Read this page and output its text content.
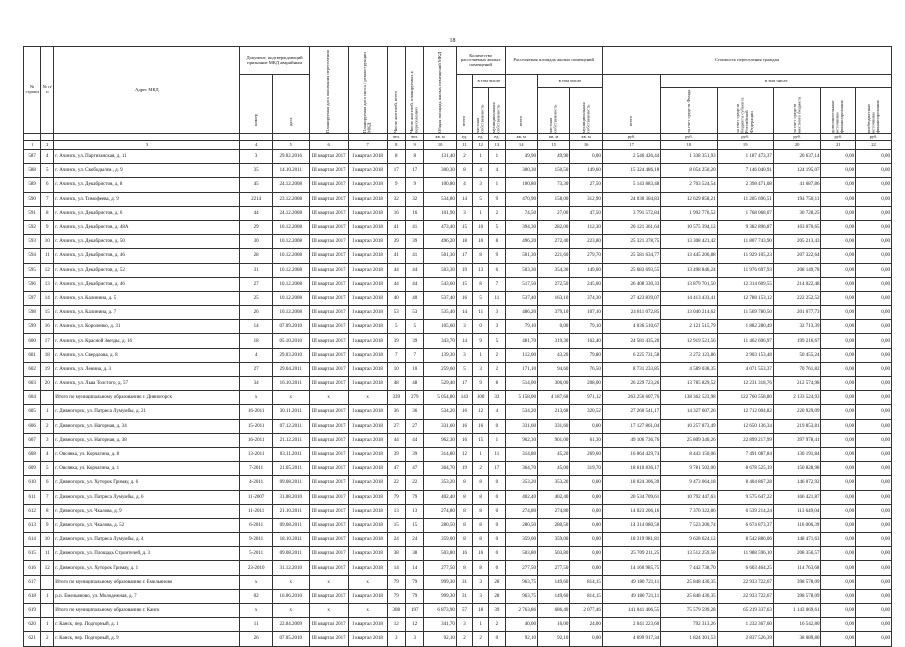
18
№ строки	№ п/п	Адрес МКД	Документ, подтверждающий признание МКД аварийным		Планируемая дата окончания переселения	Планируемая дата сноса / реконструкции МКД	Число жителей, всего	Число жителей, планируемых к переселению	Общая площадь жилых помещений МКД	Количество расселяемых жилых помещений			Расселяемая площадь жилых помещений			Стоимость переселения граждан					

			номер	дата						всего	в том числе		всего	в том числе		всего	в том числе				

											частная собственность	муниципальная собственность		частная собственность	муниципальная собственность		за счет средств Фонда	за счет средств бюджета субъекта Российской Федерации	за счет средств местного бюджета	дополнительные источники финансирования	внебюджетные источники финансирования

							чел.	чел.	кв. м	ед.	ед.	ед.	кв. м	кв. м	кв. м	руб.	руб.	руб.	руб.	руб.	руб.
1	2	3	4	5	6	7	8	9	10	11	12	13	14	15	16	17	18	19	20	21	22
587	4	г. Ачинск, ул. Партизанская, д. 11	3	29.02.2016	III квартал 2017	I квартал 2018	8	8	131,40	2	1	1	49,90	49,90	0,00	2 546 426,44	1 338 351,93	1 187 473,37	20 637,14	0,00	0,00
588	5	г. Ачинск, ул. Свободы/им., д. 9	35	14.10.2011	III квартал 2017	I квартал 2018	17	17	300,30	8	4	4	300,30	150,50	149,60	15 324 486,18	8 054 250,20	7 146 040,91	124 195,07	0,00	0,00
589	6	г. Ачинск, ул. Декабристов, д. 8	45	24.12.2008	III квартал 2017	I квартал 2018	9	9	100,80	4	3	1	100,80	73,30	27,50	5 143 883,48	2 703 524,54	2 398 471,08	41 687,86	0,00	0,00
590	7	г. Ачинск, ул. Тимофеева, д. 9	2214	23.12.2008	III квартал 2017	I квартал 2018	32	32	534,80	14	5	9	470,90	158,00	312,90	24 030 304,83	12 629 858,21	11 205 696,51	194 750,11	0,00	0,00
591	8	г. Ачинск, ул. Декабристов, д. 6	44	24.12.2008	III квартал 2017	I квартал 2018	16	16	101,90	3	1	2	74,50	27,00	47,50	3 791 572,84	1 992 776,52	1 768 068,07	30 728,25	0,00	0,00
592	9	г. Ачинск, ул. Декабристов, д. 48А	29	10.12.2008	III квартал 2017	I квартал 2018	41	41	473,40	15	10	5	394,30	282,00	112,30	20 121 361,64	10 575 394,12	9 382 896,87	163 070,65	0,00	0,00
593	10	г. Ачинск, ул. Декабристов, д. 50	30	10.12.2008	III квартал 2017	I квартал 2018	39	39	496,20	18	10	8	496,20	272,40	223,80	25 321 378,75	13 308 421,42	11 807 743,90	205 213,43	0,00	0,00
594	11	г. Ачинск, ул. Декабристов, д. 46	28	10.12.2008	III квартал 2017	I квартал 2018	41	41	501,30	17	8	9	501,30	221,60	279,70	25 581 634,77	13 445 206,88	11 929 105,23	207 322,64	0,00	0,00
595	12	г. Ачинск, ул. Декабристов, д. 52	31	10.12.2008	III квартал 2017	I квартал 2018	44	44	503,30	19	13	6	503,30	354,30	149,00	25 683 693,55	13 498 846,24	11 976 697,93	208 149,78	0,00	0,00
596	13	г. Ачинск, ул. Декабристов, д. 46	27	10.12.2008	III квартал 2017	I квартал 2018	44	44	543,60	15	8	7	517,50	272,50	245,00	26 408 330,33	13 879 701,50	12 314 609,55	214 022,48	0,00	0,00
597	14	г. Ачинск, ул. Калинина, д. 5	25	10.12.2008	III квартал 2017	I квартал 2018	40	40	537,40	16	5	11	537,40	163,10	374,30	27 423 839,07	14 413 433,41	12 788 153,12	222 252,52	0,00	0,00
598	15	г. Ачинск, ул. Калинина, д. 7	26	10.12.2008	III квартал 2017	I квартал 2018	53	53	535,40	14	11	3	486,20	379,10	107,10	24 811 072,85	13 040 214,62	11 569 780,50	201 077,73	0,00	0,00
599	16	г. Ачинск, ул. Короленко, д. 31	14	07.09.2010	III квартал 2017	I квартал 2018	5	5	105,60	3	0	3	79,10	0,00	79,10	4 036 510,67	2 121 515,79	1 882 280,49	32 713,39	0,00	0,00
600	17	г. Ачинск, ул. Красной Звезды, д. 16	18	05.10.2010	III квартал 2017	I квартал 2018	39	39	343,70	14	9	5	481,70	319,30	162,40	24 581 435,20	12 919 521,56	11 462 696,97	199 216,67	0,00	0,00
601	18	г. Ачинск, ул. Свердлова, д. 8	4	29.03.2010	III квартал 2017	I квартал 2018	7	7	139,30	3	1	2	112,00	43,20	79,80	6 225 731,58	3 272 123,86	2 903 153,48	50 455,24	0,00	0,00
602	19	г. Ачинск, ул. Ленина, д. 3	27	29.04.2011	III квартал 2017	I квартал 2018	10	10	259,60	5	3	2	171,10	94,60	76,50	8 731 233,85	4 589 038,35	4 071 553,37	70 761,82	0,00	0,00
603	20	г. Ачинск, ул. Льва Толстого, д. 57	34	16.10.2011	III квартал 2017	I квартал 2018	48	48	529,40	17	9	8	514,00	306,00	208,00	26 229 723,26	13 785 829,52	12 231 318,76	212 574,98	0,00	0,00
604		Итого по муниципальному образованию г. Дивногорск	x	x	x	x	339	279	5 054,80	143	100	33	5 158,00	4 187,68	971,12	263 256 607,76	138 362 523,98	122 760 558,80	2 133 524,93	0,00	0,00
605	1	г. Дивногорск, ул. Патриса Лумумбы, д. 21	16-2011	30.11.2011	III квартал 2017	I квартал 2018	36	36	534,20	16	12	4	534,20	213,68	320,52	27 260 541,17	14 327 607,26	12 712 004,82	220 929,09	0,00	0,00
606	2	г. Дивногорск, ул. Нагорная, д. 34	15-2011	07.12.2011	III квартал 2017	I квартал 2018	27	27	331,60	16	16	0	331,60	331,60	0,00	17 127 861,04	10 257 873,49	12 650 136,34	219 853,81	0,00	0,00
607	3	г. Дивногорск, ул. Нагорная, д. 38	16-2011	21.12.2011	III квартал 2017	I квартал 2018	44	44	962,30	16	15	1	962,30	901,00	61,30	49 106 736,76	25 809 340,26	22 899 217,99	397 978,41	0,00	0,00
608	4	г. Овсянка, ул. Корчагина, д. 8	13-2011	03.11.2011	III квартал 2017	I квартал 2018	39	39	314,80	12	1	11	314,80	45,20	269,60	16 064 429,74	8 443 150,06	7 491 087,84	130 191,84	0,00	0,00
609	5	г. Овсянка, ул. Корчагина, д. 1	7-2011	21.05.2011	III квартал 2017	I квартал 2018	47	47	364,70	19	2	17	364,70	45,00	319,70	18 610 836,17	9 781 502,00	8 678 525,19	150 828,98	0,00	0,00
610	6	г. Дивногорск, ул. Хуторок Гримау, д. 6	4-2011	09.08.2011	III квартал 2017	I квартал 2018	22	22	353,20	8	8	0	353,20	353,20	0,00	18 024 306,39	9 473 064,18	8 404 867,28	146 072,92	0,00	0,00
611	7	г. Дивногорск, ул. Патриса Лумумбы, д. 6	11-2007	31.08.2010	III квартал 2017	I квартал 2018	79	79	402,40	8	8	0	402,40	402,40	0,00	20 534 709,61	10 792 447,63	9 575 647,22	166 421,87	0,00	0,00
612	8	г. Дивногорск, ул. Чкалова, д. 9	11-2011	21.10.2011	III квартал 2017	I квартал 2018	13	13	274,80	8	8	0	274,80	274,80	0,00	14 023 206,16	7 370 322,86	6 539 214,24	113 649,04	0,00	0,00
613	9	г. Дивногорск, ул. Чкалова, д. 52	6-2011	09.08.2011	III квартал 2017	I квартал 2018	15	15	280,50	8	8	0	280,50	280,50	0,00	14 314 080,50	7 523 200,74	6 674 873,37	116 006,39	0,00	0,00
614	10	г. Дивногорск, ул. Патриса Лумумбы, д. 4	9-2011	18.10.2011	III квартал 2017	I квартал 2018	24	24	359,00	8	8	0	359,00	359,00	0,00	18 319 981,81	9 628 624,12	8 542 886,06	148 471,63	0,00	0,00
615	11	г. Дивногорск, ул. Площадь Строителей, д. 3	5-2011	09.08.2011	III квартал 2017	I квартал 2018	38	38	503,80	16	16	0	503,80	503,80	0,00	25 709 211,25	13 512 259,58	11 988 596,10	208 356,57	0,00	0,00
616	12	г. Дивногорск, ул. Хуторок Гримау, д. 1	23-2010	31.12.2010	III квартал 2017	I квартал 2018	14	14	277,50	8	8	0	277,50	277,50	0,00	14 160 985,75	7 442 738,70	6 603 464,25	114 763,68	0,00	0,00
617		Итого по муниципальному образованию г. Емельяново	x	x	x	x	79	79	999,30	31	3	28	963,75	149,60	814,15	49 180 721,11	25 848 430,35	22 933 722,67	398 578,09	0,00	0,00
618	1	р.п. Емельяново, ул. Молодежная, д. 7	02	16.06.2010	III квартал 2017	I квартал 2018	79	79	999,30	31	3	28	963,75	149,60	814,15	49 180 721,11	25 848 430,35	22 933 722,67	398 578,09	0,00	0,00
619		Итого по муниципальному образованию г. Канск	x	x	x	x	308	197	6 873,90	57	18	39	2 763,86	686,40	2 077,46	141 041 406,55	75 579 599,28	65 219 337,63	1 143 069,61	0,00	0,00
620	1	г. Канск, пер. Подгорный, д. 1	11	22.04.2009	III квартал 2017	I квартал 2018	12	12	341,70	3	1	2	40,00	16,00	24,00	2 041 223,60	792 313,26	1 232 367,60	16 542,80	0,00	0,00
621	2	г. Канск, пер. Подгорный, д. 9	26	07.05.2010	III квартал 2017	I квартал 2018	3	3	92,10	2	2	0	92,10	92,10	0,00	4 699 917,34	1 824 301,53	2 837 526,39	38 089,80	0,00	0,00
